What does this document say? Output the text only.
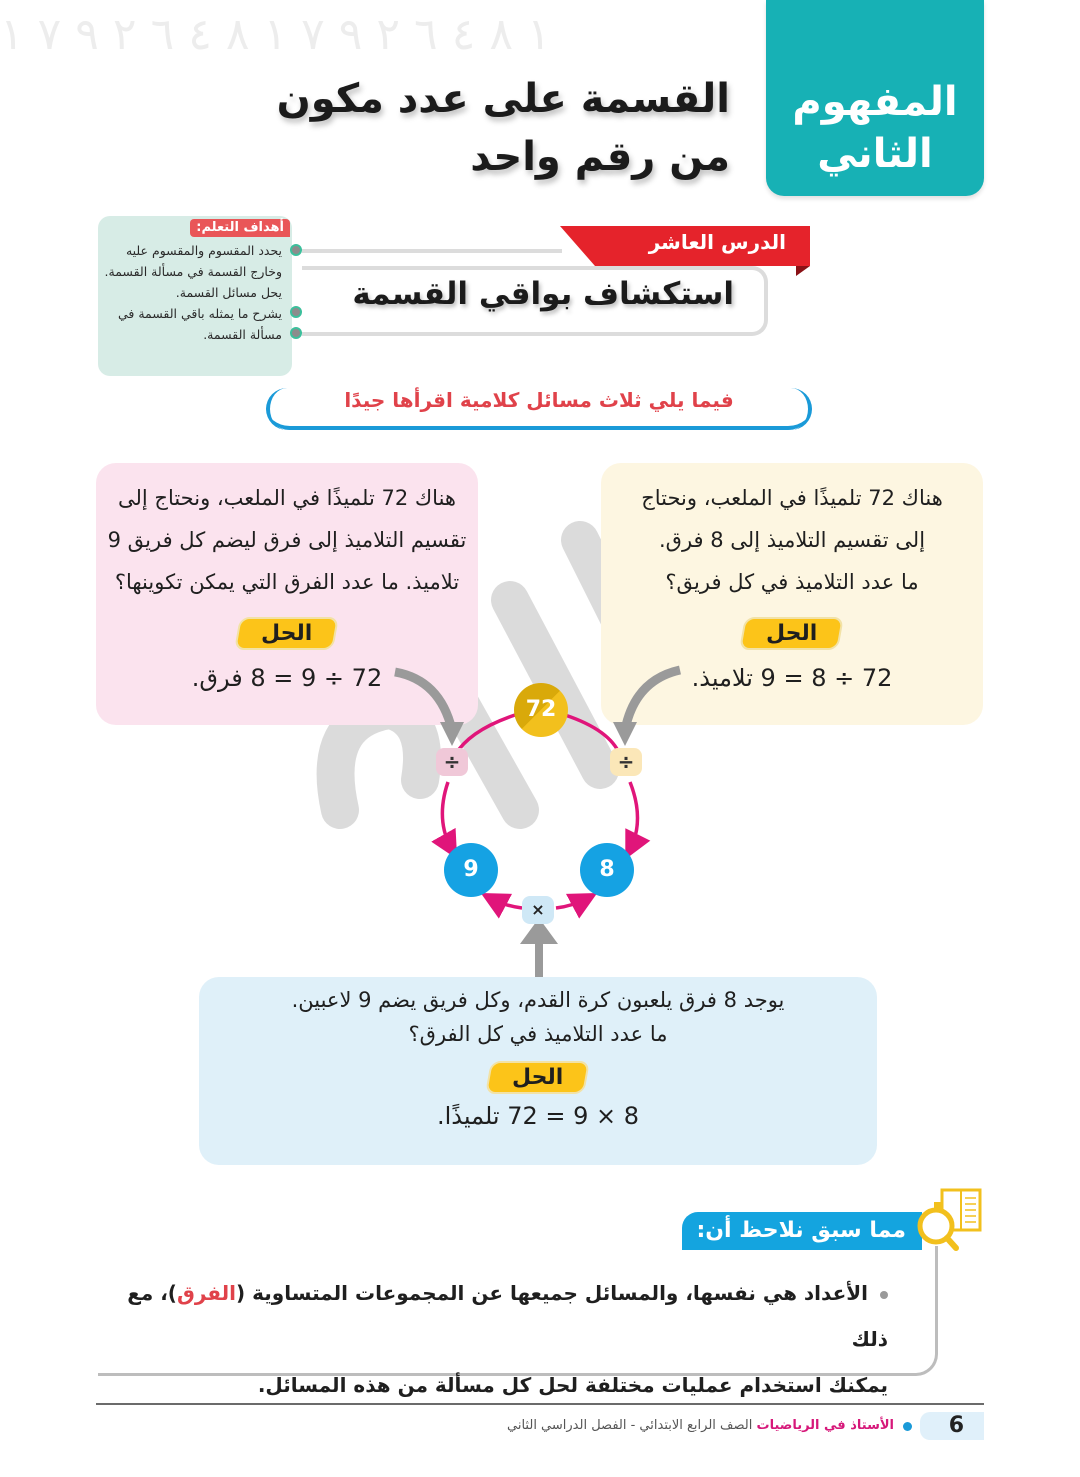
١ ٨ ٤ ٦ ٢ ٩ ٧ ١ ٨ ٤ ٦ ٢ ٩ ٧ ١
المفهوم
الثاني
القسمة على عدد مكون
من رقم واحد
أهداف التعلم:
يحدد المقسوم والمقسوم عليه وخارج القسمة في مسألة القسمة.
يحل مسائل القسمة.
يشرح ما يمثله باقي القسمة في مسألة القسمة.
الدرس العاشر
استكشاف بواقي القسمة
فيما يلي ثلاث مسائل كلامية اقرأها جيدًا
هناك 72 تلميذًا في الملعب، ونحتاج إلى
تقسيم التلاميذ إلى فرق ليضم كل فريق 9
تلاميذ. ما عدد الفرق التي يمكن تكوينها؟
الحل
72 ÷ 9 = 8 فرق.
هناك 72 تلميذًا في الملعب، ونحتاج
إلى تقسيم التلاميذ إلى 8 فرق.
ما عدد التلاميذ في كل فريق؟
الحل
72 ÷ 8 = 9 تلاميذ.
72
9	8
÷	÷
×
يوجد 8 فرق يلعبون كرة القدم، وكل فريق يضم 9 لاعبين.
ما عدد التلاميذ في كل الفرق؟
الحل
8 × 9 = 72 تلميذًا.
مما سبق نلاحظ أن:
الأعداد هي نفسها، والمسائل جميعها عن المجموعات المتساوية (الفرق)، مع ذلك
يمكنك استخدام عمليات مختلفة لحل كل مسألة من هذه المسائل.
6
الأستاذ في الرياضيات الصف الرابع الابتدائي - الفصل الدراسي الثاني
